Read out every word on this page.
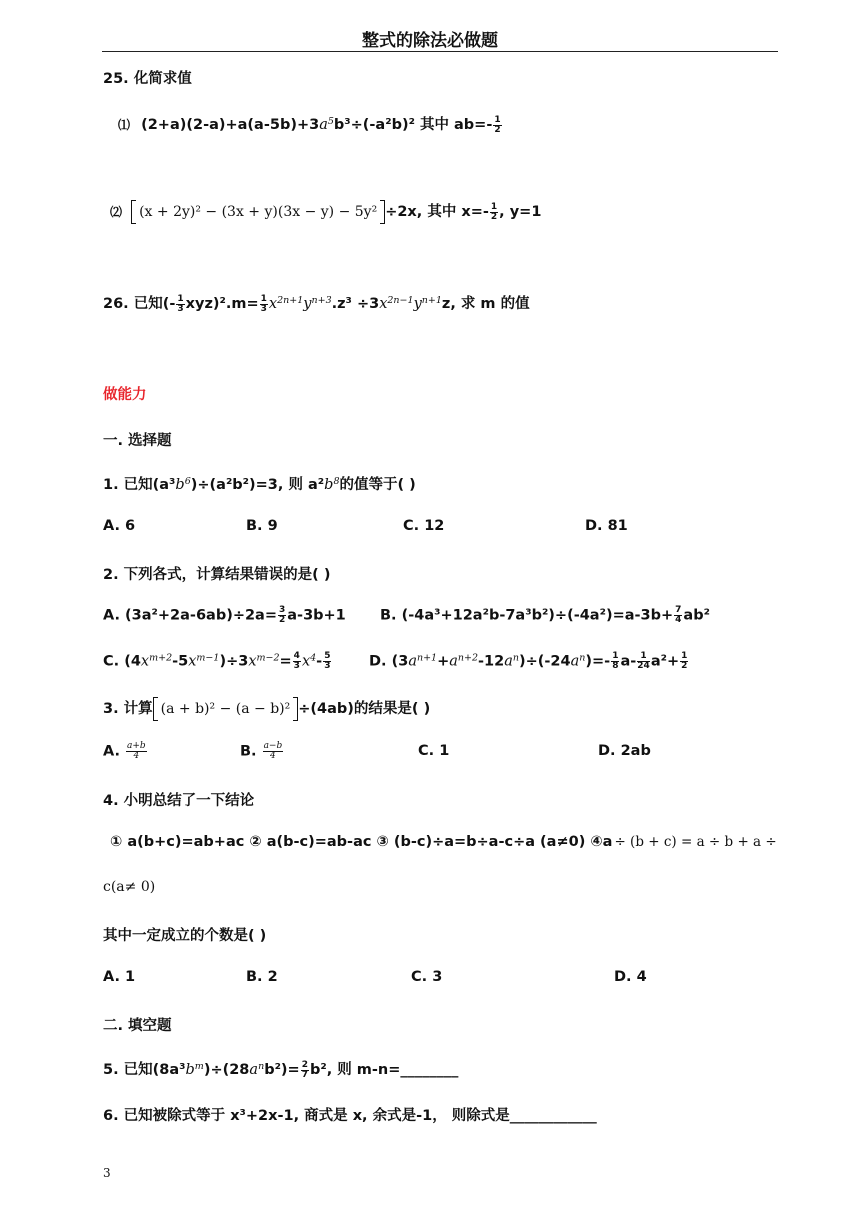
整式的除法必做题
25. 化简求值
⑴ $(2+a)(2-a)+a(a-5b)+3a^5b^3\div(-a^2b)^2$ 其中 $ab=- \frac{1}{2}$
⑵ (x + 2y)² − (3x + y)(3x − y) − 5y² ÷2x, 其中 $x=- \frac{1}{2}$ , y=1
26. 已知(- $\frac{1}{3} xyz)^2.m= \frac{1}{3} x^{2n+1}y^{n+3}.z^3 \div 3x^{2n-1}y^{n+1}z$, 求 m 的值
做能力
一. 选择题
1. 已知$(a^3b^6)\div(a^2b^2)=3$, 则 $a^2b^8$的值等于( )
A. 6	B. 9	C. 12	D. 81
2. 下列各式，计算结果错误的是( )
A. $(3a^2+2a-6ab)\div 2a= \frac{3}{2} a-3b+1$ B. $(-4a^3+12a^2b-7a^3b^2)\div(-4a^2)=a-3b+ \frac{7}{4} ab^2$
C. $(4x^{m+2}-5x^{m-1})\div 3x^{m-2}= \frac{4}{3} x^4- \frac{5}{3}$	D. $(3a^{n+1}+a^{n+2}-12a^n)\div(-24a^n)=- \frac{1}{8} a- \frac{1}{24} a^2+ \frac{1}{2}$
3. 计算 (a + b)² − (a − b)² ÷(4ab)的结果是( )
A. $\frac{a+b}{4}$	B. $\frac{a-b}{4}$	C. 1	D. 2ab
4. 小明总结了一下结论
① a(b+c)=ab+ac ② a(b-c)=ab-ac ③ (b-c)÷a=b÷a-c÷a (a≠0) ④a ÷ (b + c) = a ÷ b + a ÷
c(a≠ 0)
其中一定成立的个数是( )
A. 1	B. 2	C. 3	D. 4
二. 填空题
5. 已知$(8a^3b^m)\div(28a^nb^2)= \frac{2}{7} b^2$, 则 m-n=________
6. 已知被除式等于 x³+2x-1, 商式是 x, 余式是-1， 则除式是____________
3
